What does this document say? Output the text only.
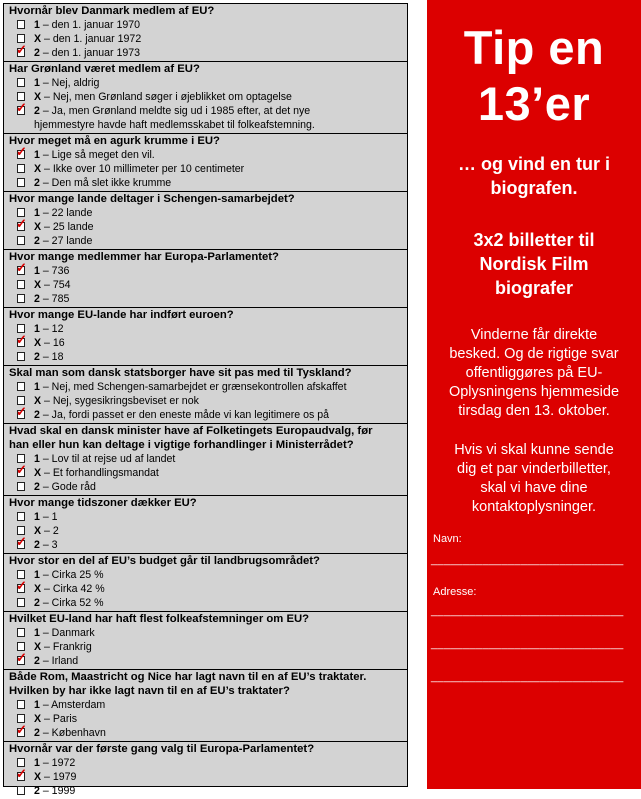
Hvornår blev Danmark medlem af EU?
1 – den 1. januar 1970
X – den 1. januar 1972
✓ 2 – den 1. januar 1973
Har Grønland været medlem af EU?
1 – Nej, aldrig
X – Nej, men Grønland søger i øjeblikket om optagelse
✓ 2 – Ja, men Grønland meldte sig ud i 1985 efter, at det nye
hjemmestyre havde haft medlemsskabet til folkeafstemning.
Hvor meget må en agurk krumme i EU?
✓ 1 – Lige så meget den vil.
X – Ikke over 10 millimeter per 10 centimeter
2 – Den må slet ikke krumme
Hvor mange lande deltager i Schengen-samarbejdet?
1 – 22 lande
✓ X – 25 lande
2 – 27 lande
Hvor mange medlemmer har Europa-Parlamentet?
✓ 1 – 736
X – 754
2 – 785
Hvor mange EU-lande har indført euroen?
1 – 12
✓ X – 16
2 – 18
Skal man som dansk statsborger have sit pas med til Tyskland?
1 – Nej, med Schengen-samarbejdet er grænsekontrollen afskaffet
X – Nej, sygesikringsbeviset er nok
✓ 2 – Ja, fordi passet er den eneste måde vi kan legitimere os på
Hvad skal en dansk minister have af Folketingets Europaudvalg, før
han eller hun kan deltage i vigtige forhandlinger i Ministerrådet?
1 – Lov til at rejse ud af landet
✓ X – Et forhandlingsmandat
2 – Gode råd
Hvor mange tidszoner dækker EU?
1 – 1
X – 2
✓ 2 – 3
Hvor stor en del af EU’s budget går til landbrugsområdet?
1 – Cirka 25 %
✓ X – Cirka 42 %
2 – Cirka 52 %
Hvilket EU-land har haft flest folkeafstemninger om EU?
1 – Danmark
X – Frankrig
✓ 2 – Irland
Både Rom, Maastricht og Nice har lagt navn til en af EU’s traktater.
Hvilken by har ikke lagt navn til en af EU’s traktater?
1 – Amsterdam
X – Paris
✓ 2 – København
Hvornår var der første gang valg til Europa-Parlamentet?
1 – 1972
✓ X – 1979
2 – 1999
Tip en
13’er
… og vind en tur i
biografen.
3x2 billetter til
Nordisk Film
biografer
Vinderne får direkte
besked. Og de rigtige svar
offentliggøres på EU-
Oplysningens hjemmeside
tirsdag den 13. oktober.
Hvis vi skal kunne sende
dig et par vinderbilletter,
skal vi have dine
kontaktoplysninger.
Navn:
______________________________
Adresse:
______________________________
______________________________
______________________________
